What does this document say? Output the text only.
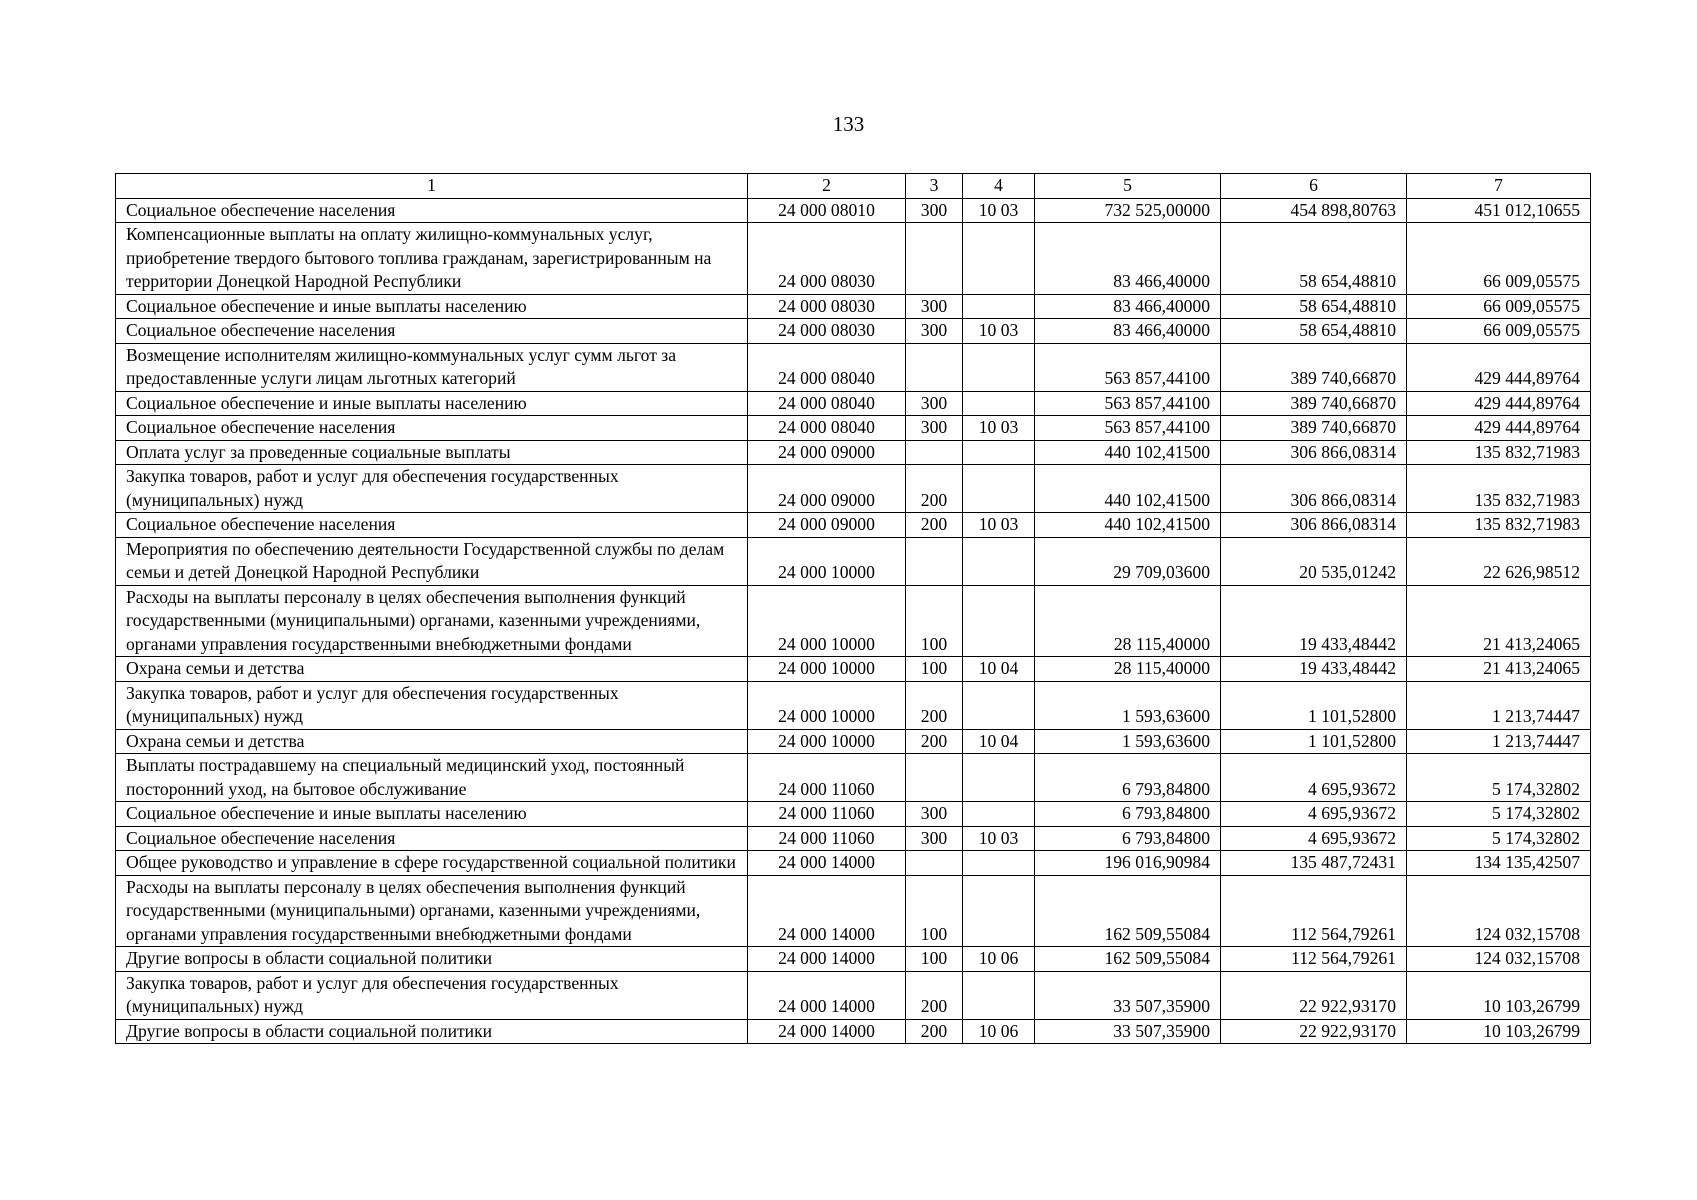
133
1	2	3	4	5	6	7
Социальное обеспечение населения	24 000 08010	300	10 03	732 525,00000	454 898,80763	451 012,10655
Компенсационные выплаты на оплату жилищно-коммунальных услуг, приобретение твердого бытового топлива гражданам, зарегистрированным на территории Донецкой Народной Республики	24 000 08030			83 466,40000	58 654,48810	66 009,05575
Социальное обеспечение и иные выплаты населению	24 000 08030	300		83 466,40000	58 654,48810	66 009,05575
Социальное обеспечение населения	24 000 08030	300	10 03	83 466,40000	58 654,48810	66 009,05575
Возмещение исполнителям жилищно-коммунальных услуг сумм льгот за предоставленные услуги лицам льготных категорий	24 000 08040			563 857,44100	389 740,66870	429 444,89764
Социальное обеспечение и иные выплаты населению	24 000 08040	300		563 857,44100	389 740,66870	429 444,89764
Социальное обеспечение населения	24 000 08040	300	10 03	563 857,44100	389 740,66870	429 444,89764
Оплата услуг за проведенные социальные выплаты	24 000 09000			440 102,41500	306 866,08314	135 832,71983
Закупка товаров, работ и услуг для обеспечения государственных (муниципальных) нужд	24 000 09000	200		440 102,41500	306 866,08314	135 832,71983
Социальное обеспечение населения	24 000 09000	200	10 03	440 102,41500	306 866,08314	135 832,71983
Мероприятия по обеспечению деятельности Государственной службы по делам семьи и детей Донецкой Народной Республики	24 000 10000			29 709,03600	20 535,01242	22 626,98512
Расходы на выплаты персоналу в целях обеспечения выполнения функций государственными (муниципальными) органами, казенными учреждениями, органами управления государственными внебюджетными фондами	24 000 10000	100		28 115,40000	19 433,48442	21 413,24065
Охрана семьи и детства	24 000 10000	100	10 04	28 115,40000	19 433,48442	21 413,24065
Закупка товаров, работ и услуг для обеспечения государственных (муниципальных) нужд	24 000 10000	200		1 593,63600	1 101,52800	1 213,74447
Охрана семьи и детства	24 000 10000	200	10 04	1 593,63600	1 101,52800	1 213,74447
Выплаты пострадавшему на специальный медицинский уход, постоянный посторонний уход, на бытовое обслуживание	24 000 11060			6 793,84800	4 695,93672	5 174,32802
Социальное обеспечение и иные выплаты населению	24 000 11060	300		6 793,84800	4 695,93672	5 174,32802
Социальное обеспечение населения	24 000 11060	300	10 03	6 793,84800	4 695,93672	5 174,32802
Общее руководство и управление в сфере государственной социальной политики	24 000 14000			196 016,90984	135 487,72431	134 135,42507
Расходы на выплаты персоналу в целях обеспечения выполнения функций государственными (муниципальными) органами, казенными учреждениями, органами управления государственными внебюджетными фондами	24 000 14000	100		162 509,55084	112 564,79261	124 032,15708
Другие вопросы в области социальной политики	24 000 14000	100	10 06	162 509,55084	112 564,79261	124 032,15708
Закупка товаров, работ и услуг для обеспечения государственных (муниципальных) нужд	24 000 14000	200		33 507,35900	22 922,93170	10 103,26799
Другие вопросы в области социальной политики	24 000 14000	200	10 06	33 507,35900	22 922,93170	10 103,26799
